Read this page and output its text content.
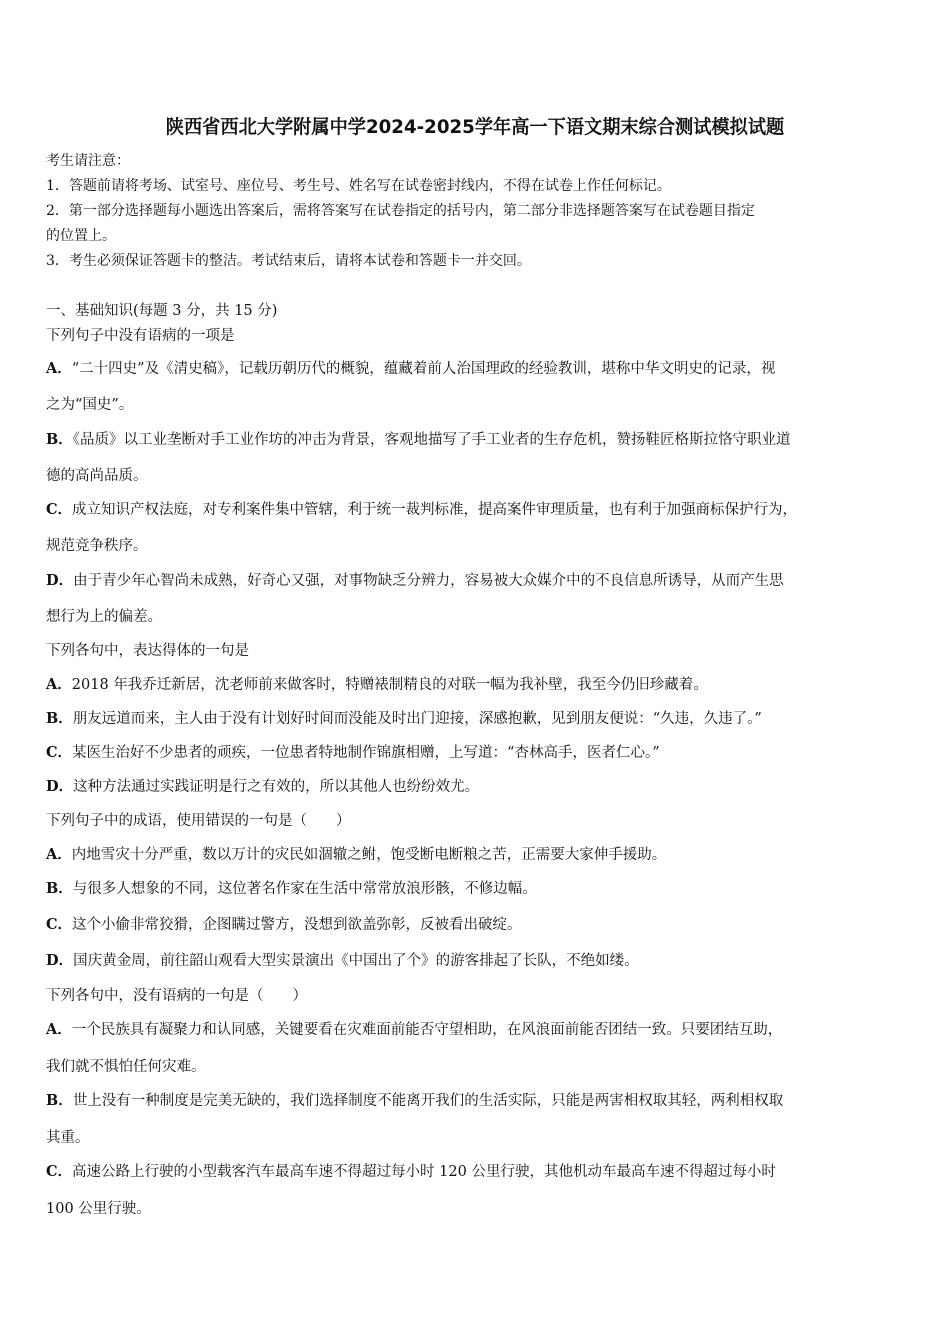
陕西省西北大学附属中学2024-2025学年高一下语文期末综合测试模拟试题
考生请注意：
1．答题前请将考场、试室号、座位号、考生号、姓名写在试卷密封线内，不得在试卷上作任何标记。
2．第一部分选择题每小题选出答案后，需将答案写在试卷指定的括号内，第二部分非选择题答案写在试卷题目指定
的位置上。
3．考生必须保证答题卡的整洁。考试结束后，请将本试卷和答题卡一并交回。
一、基础知识(每题 3 分，共 15 分)
下列句子中没有语病的一项是
A．“二十四史”及《清史稿》，记载历朝历代的概貌，蕴藏着前人治国理政的经验教训，堪称中华文明史的记录，视
之为“国史”。
B．《品质》以工业垄断对手工业作坊的冲击为背景，客观地描写了手工业者的生存危机，赞扬鞋匠格斯拉恪守职业道
德的高尚品质。
C．成立知识产权法庭，对专利案件集中管辖，利于统一裁判标准，提高案件审理质量，也有利于加强商标保护行为，
规范竞争秩序。
D．由于青少年心智尚未成熟，好奇心又强，对事物缺乏分辨力，容易被大众媒介中的不良信息所诱导，从而产生思
想行为上的偏差。
下列各句中，表达得体的一句是
A．2018 年我乔迁新居，沈老师前来做客时，特赠裱制精良的对联一幅为我补壁，我至今仍旧珍藏着。
B．朋友远道而来，主人由于没有计划好时间而没能及时出门迎接，深感抱歉，见到朋友便说：“久违，久违了。”
C．某医生治好不少患者的顽疾，一位患者特地制作锦旗相赠，上写道：“杏林高手，医者仁心。”
D．这种方法通过实践证明是行之有效的，所以其他人也纷纷效尤。
下列句子中的成语，使用错误的一句是（　　）
A．内地雪灾十分严重，数以万计的灾民如涸辙之鲋，饱受断电断粮之苦，正需要大家伸手援助。
B．与很多人想象的不同，这位著名作家在生活中常常放浪形骸，不修边幅。
C．这个小偷非常狡猾，企图瞒过警方，没想到欲盖弥彰，反被看出破绽。
D．国庆黄金周，前往韶山观看大型实景演出《中国出了个》的游客排起了长队，不绝如缕。
下列各句中，没有语病的一句是（　　）
A．一个民族具有凝聚力和认同感，关键要看在灾难面前能否守望相助，在风浪面前能否团结一致。只要团结互助，
我们就不惧怕任何灾难。
B．世上没有一种制度是完美无缺的，我们选择制度不能离开我们的生活实际，只能是两害相权取其轻，两利相权取
其重。
C．高速公路上行驶的小型载客汽车最高车速不得超过每小时 120 公里行驶，其他机动车最高车速不得超过每小时
100 公里行驶。
